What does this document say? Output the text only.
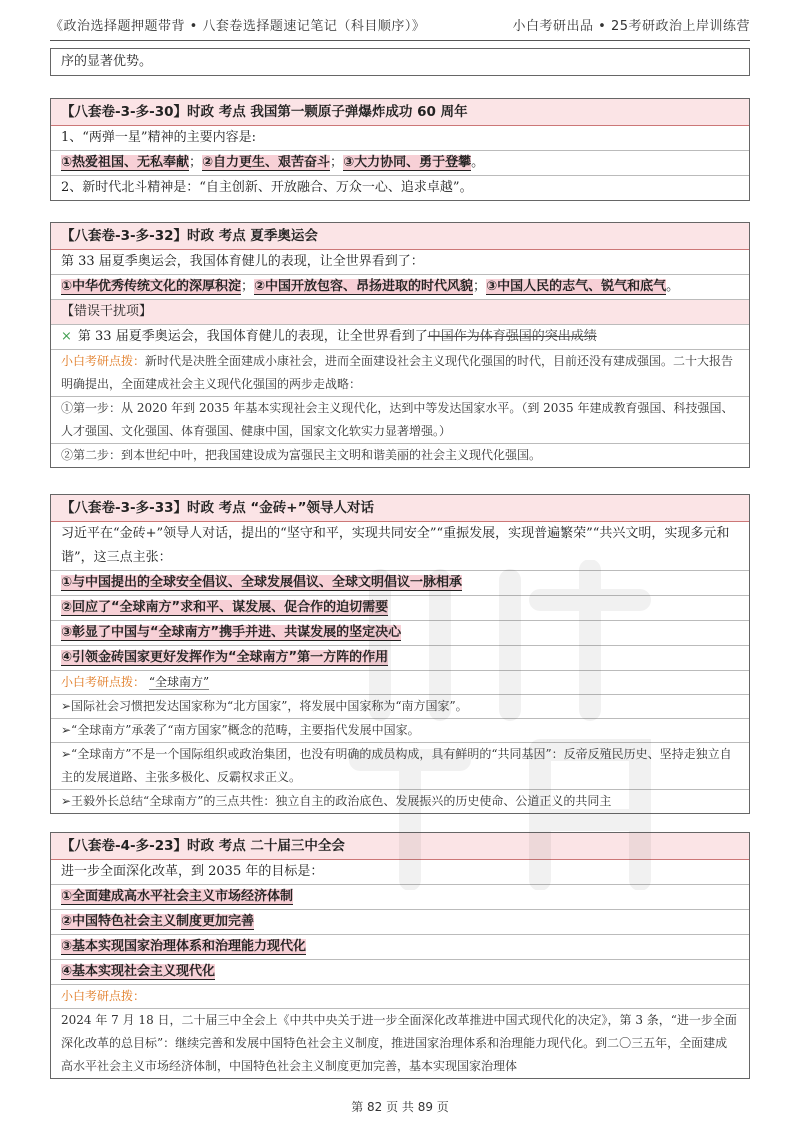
《政治选择题押题带背 • 八套卷选择题速记笔记（科目顺序）》	小白考研出品 • 25考研政治上岸训练营
序的显著优势。
【八套卷-3-多-30】时政 考点 我国第一颗原子弹爆炸成功 60 周年
1、“两弹一星”精神的主要内容是:
①热爱祖国、无私奉献；②自力更生、艰苦奋斗；③大力协同、勇于登攀。
2、新时代北斗精神是：“自主创新、开放融合、万众一心、追求卓越”。
【八套卷-3-多-32】时政 考点 夏季奥运会
第 33 届夏季奥运会，我国体育健儿的表现，让全世界看到了：
①中华优秀传统文化的深厚积淀；②中国开放包容、昂扬进取的时代风貌；③中国人民的志气、锐气和底气。
【错误干扰项】
× 第 33 届夏季奥运会，我国体育健儿的表现，让全世界看到了中国作为体育强国的突出成绩
小白考研点拨：新时代是决胜全面建成小康社会，进而全面建设社会主义现代化强国的时代，目前还没有建成强国。二十大报告明确提出，全面建成社会主义现代化强国的两步走战略：
①第一步：从 2020 年到 2035 年基本实现社会主义现代化，达到中等发达国家水平。（到 2035 年建成教育强国、科技强国、人才强国、文化强国、体育强国、健康中国，国家文化软实力显著增强。）
②第二步：到本世纪中叶，把我国建设成为富强民主文明和谐美丽的社会主义现代化强国。
【八套卷-3-多-33】时政 考点 “金砖+”领导人对话
习近平在“金砖+”领导人对话，提出的“坚守和平，实现共同安全”“重振发展，实现普遍繁荣”“共兴文明，实现多元和谐”，这三点主张：
①与中国提出的全球安全倡议、全球发展倡议、全球文明倡议一脉相承
②回应了“全球南方”求和平、谋发展、促合作的迫切需要
③彰显了中国与“全球南方”携手并进、共谋发展的坚定决心
④引领金砖国家更好发挥作为“全球南方”第一方阵的作用
小白考研点拨： “全球南方”
➢国际社会习惯把发达国家称为“北方国家”，将发展中国家称为“南方国家”。
➢“全球南方”承袭了“南方国家”概念的范畴，主要指代发展中国家。
➢“全球南方”不是一个国际组织或政治集团，也没有明确的成员构成，具有鲜明的“共同基因”：反帝反殖民历史、坚持走独立自主的发展道路、主张多极化、反霸权求正义。
➢王毅外长总结“全球南方”的三点共性：独立自主的政治底色、发展振兴的历史使命、公道正义的共同主
【八套卷-4-多-23】时政 考点 二十届三中全会
进一步全面深化改革，到 2035 年的目标是：
①全面建成高水平社会主义市场经济体制
②中国特色社会主义制度更加完善
③基本实现国家治理体系和治理能力现代化
④基本实现社会主义现代化
小白考研点拨：
2024 年 7 月 18 日，二十届三中全会上《中共中央关于进一步全面深化改革推进中国式现代化的决定》，第 3 条，“进一步全面深化改革的总目标”：继续完善和发展中国特色社会主义制度，推进国家治理体系和治理能力现代化。到二〇三五年，全面建成高水平社会主义市场经济体制，中国特色社会主义制度更加完善，基本实现国家治理体
第 82 页 共 89 页
